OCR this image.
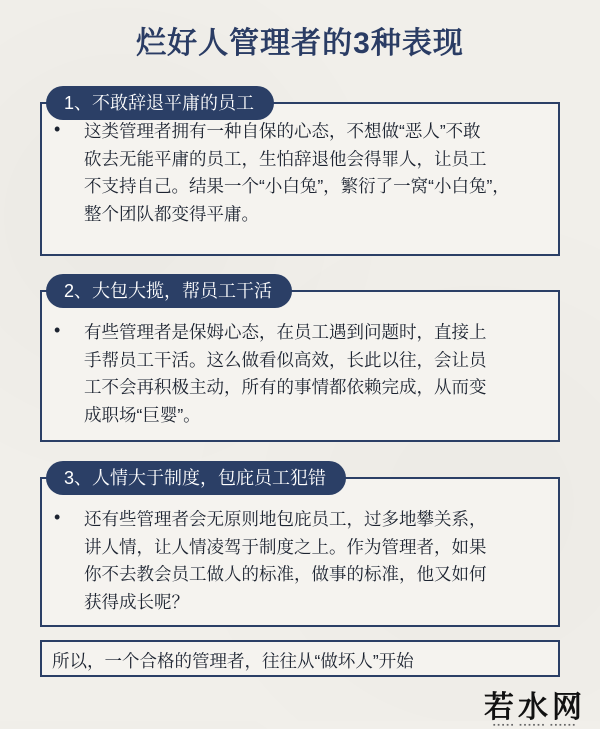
烂好人管理者的3种表现
• 这类管理者拥有一种自保的心态，不想做“恶人”不敢
砍去无能平庸的员工，生怕辞退他会得罪人，让员工
不支持自己。结果一个“小白兔”，繁衍了一窝“小白兔”，
整个团队都变得平庸。
1、不敢辞退平庸的员工
• 有些管理者是保姆心态，在员工遇到问题时，直接上
手帮员工干活。这么做看似高效，长此以往，会让员
工不会再积极主动，所有的事情都依赖完成，从而变
成职场“巨婴”。
2、大包大揽，帮员工干活
• 还有些管理者会无原则地包庇员工，过多地攀关系，
讲人情，让人情凌驾于制度之上。作为管理者，如果
你不去教会员工做人的标准，做事的标准，他又如何
获得成长呢？
3、人情大于制度，包庇员工犯错
所以，一个合格的管理者，往往从“做坏人”开始
若水网
▪▪▪▪▪ ▪▪▪▪▪▪ ▪▪▪▪▪▪
